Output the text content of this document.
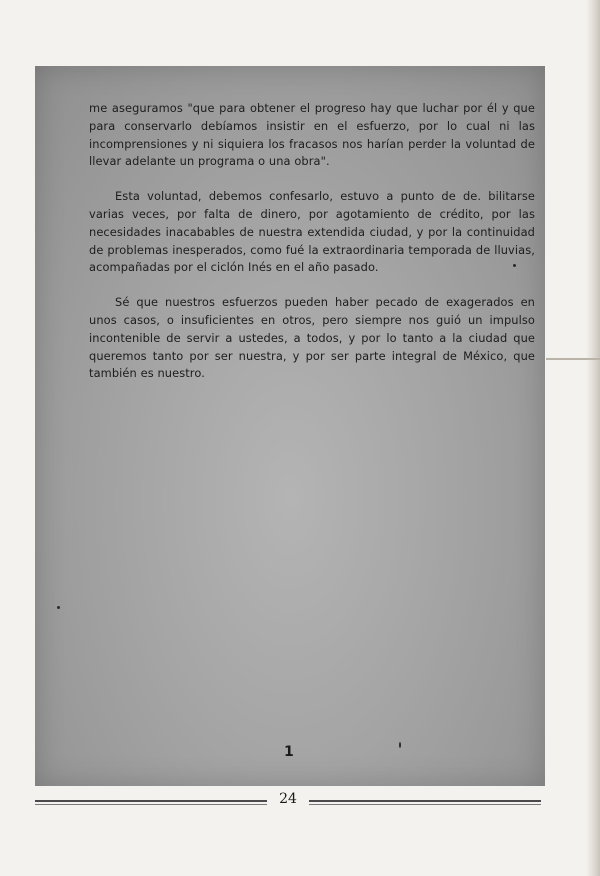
me aseguramos "que para obtener el progreso hay que luchar por él y que para conservarlo debíamos insistir en el esfuerzo, por lo cual ni las incomprensiones y ni siquiera los fracasos nos harían perder la voluntad de llevar adelante un programa o una obra".

Esta voluntad, debemos confesarlo, estuvo a punto de de. bilitarse varias veces, por falta de dinero, por agotamiento de crédito, por las necesidades inacabables de nuestra extendida ciudad, y por la continuidad de problemas inesperados, como fué la extraordinaria temporada de lluvias, acompañadas por el ciclón Inés en el año pasado.

Sé que nuestros esfuerzos pueden haber pecado de exagerados en unos casos, o insuficientes en otros, pero siempre nos guió un impulso incontenible de servir a ustedes, a todos, y por lo tanto a la ciudad que queremos tanto por ser nuestra, y por ser parte integral de México, que también es nuestro.

1
24
